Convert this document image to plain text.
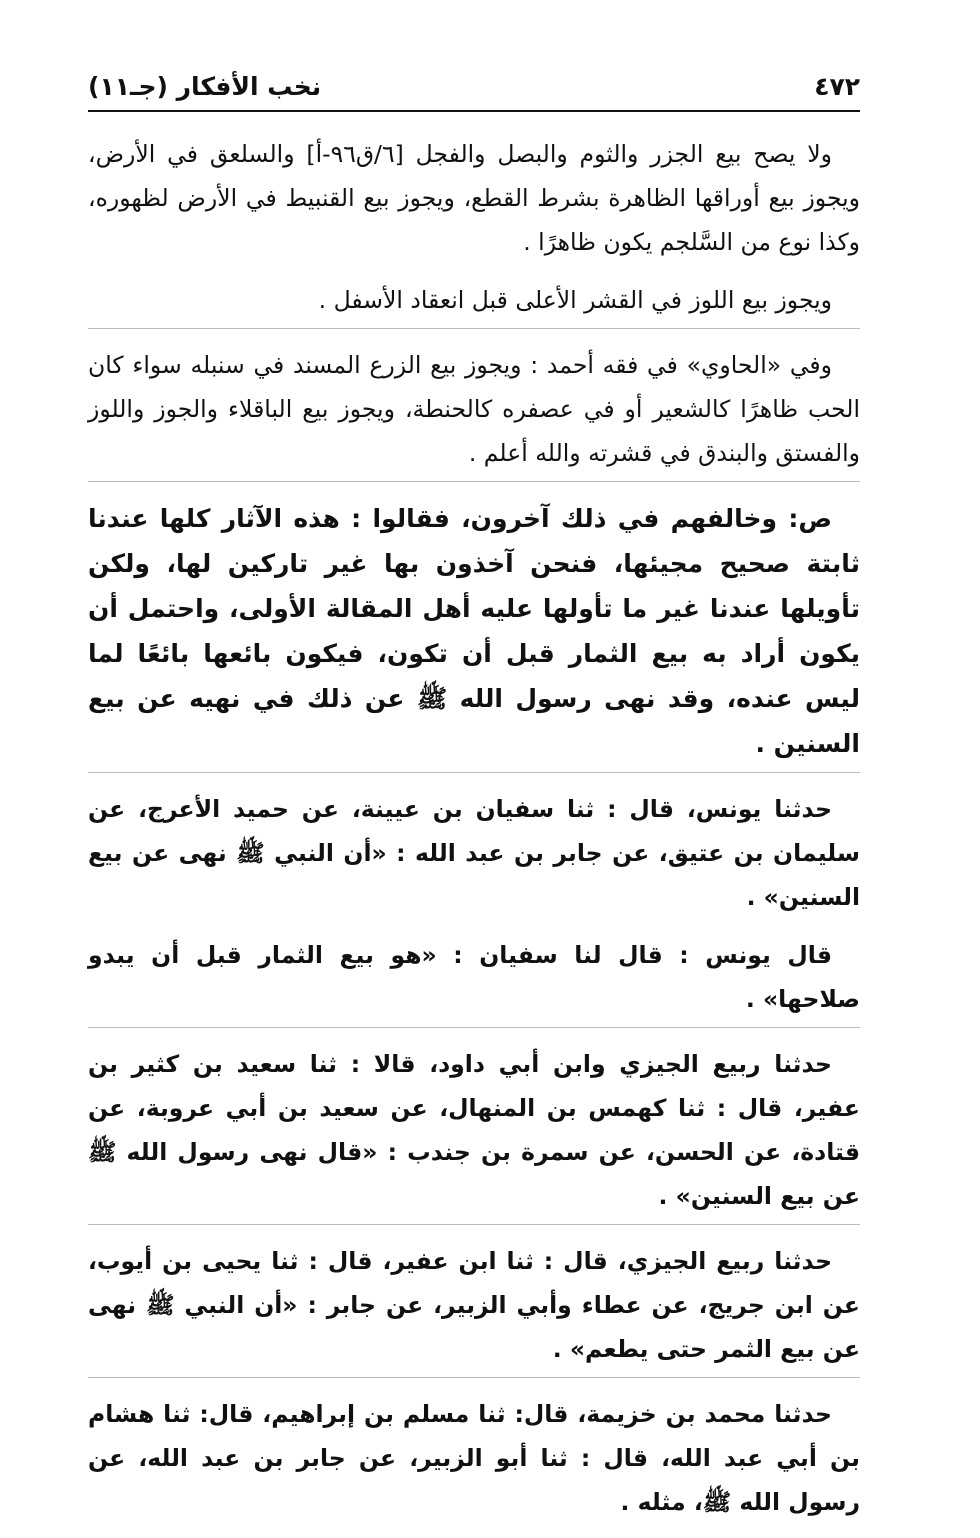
٤٧٢
نخب الأفكار (جـ١١)

ولا يصح بيع الجزر والثوم والبصل والفجل [٦/ق٩٦-أ] والسلعق في الأرض، ويجوز بيع أوراقها الظاهرة بشرط القطع، ويجوز بيع القنبيط في الأرض لظهوره، وكذا نوع من السَّلجم يكون ظاهرًا .

ويجوز بيع اللوز في القشر الأعلى قبل انعقاد الأسفل .

وفي «الحاوي» في فقه أحمد : ويجوز بيع الزرع المسند في سنبله سواء كان الحب ظاهرًا كالشعير أو في عصفره كالحنطة، ويجوز بيع الباقلاء والجوز واللوز والفستق والبندق في قشرته والله أعلم .

ص: وخالفهم في ذلك آخرون، فقالوا : هذه الآثار كلها عندنا ثابتة صحيح مجيئها، فنحن آخذون بها غير تاركين لها، ولكن تأويلها عندنا غير ما تأولها عليه أهل المقالة الأولى، واحتمل أن يكون أراد به بيع الثمار قبل أن تكون، فيكون بائعها بائعًا لما ليس عنده، وقد نهى رسول الله ﷺ عن ذلك في نهيه عن بيع السنين .

حدثنا يونس، قال : ثنا سفيان بن عيينة، عن حميد الأعرج، عن سليمان بن عتيق، عن جابر بن عبد الله : «أن النبي ﷺ نهى عن بيع السنين» .

قال يونس : قال لنا سفيان : «هو بيع الثمار قبل أن يبدو صلاحها» .

حدثنا ربيع الجيزي وابن أبي داود، قالا : ثنا سعيد بن كثير بن عفير، قال : ثنا كهمس بن المنهال، عن سعيد بن أبي عروبة، عن قتادة، عن الحسن، عن سمرة بن جندب : «قال نهى رسول الله ﷺ عن بيع السنين» .

حدثنا ربيع الجيزي، قال : ثنا ابن عفير، قال : ثنا يحيى بن أيوب، عن ابن جريج، عن عطاء وأبي الزبير، عن جابر : «أن النبي ﷺ نهى عن بيع الثمر حتى يطعم» .

حدثنا محمد بن خزيمة، قال: ثنا مسلم بن إبراهيم، قال: ثنا هشام بن أبي عبد الله، قال : ثنا أبو الزبير، عن جابر بن عبد الله، عن رسول الله ﷺ، مثله .
